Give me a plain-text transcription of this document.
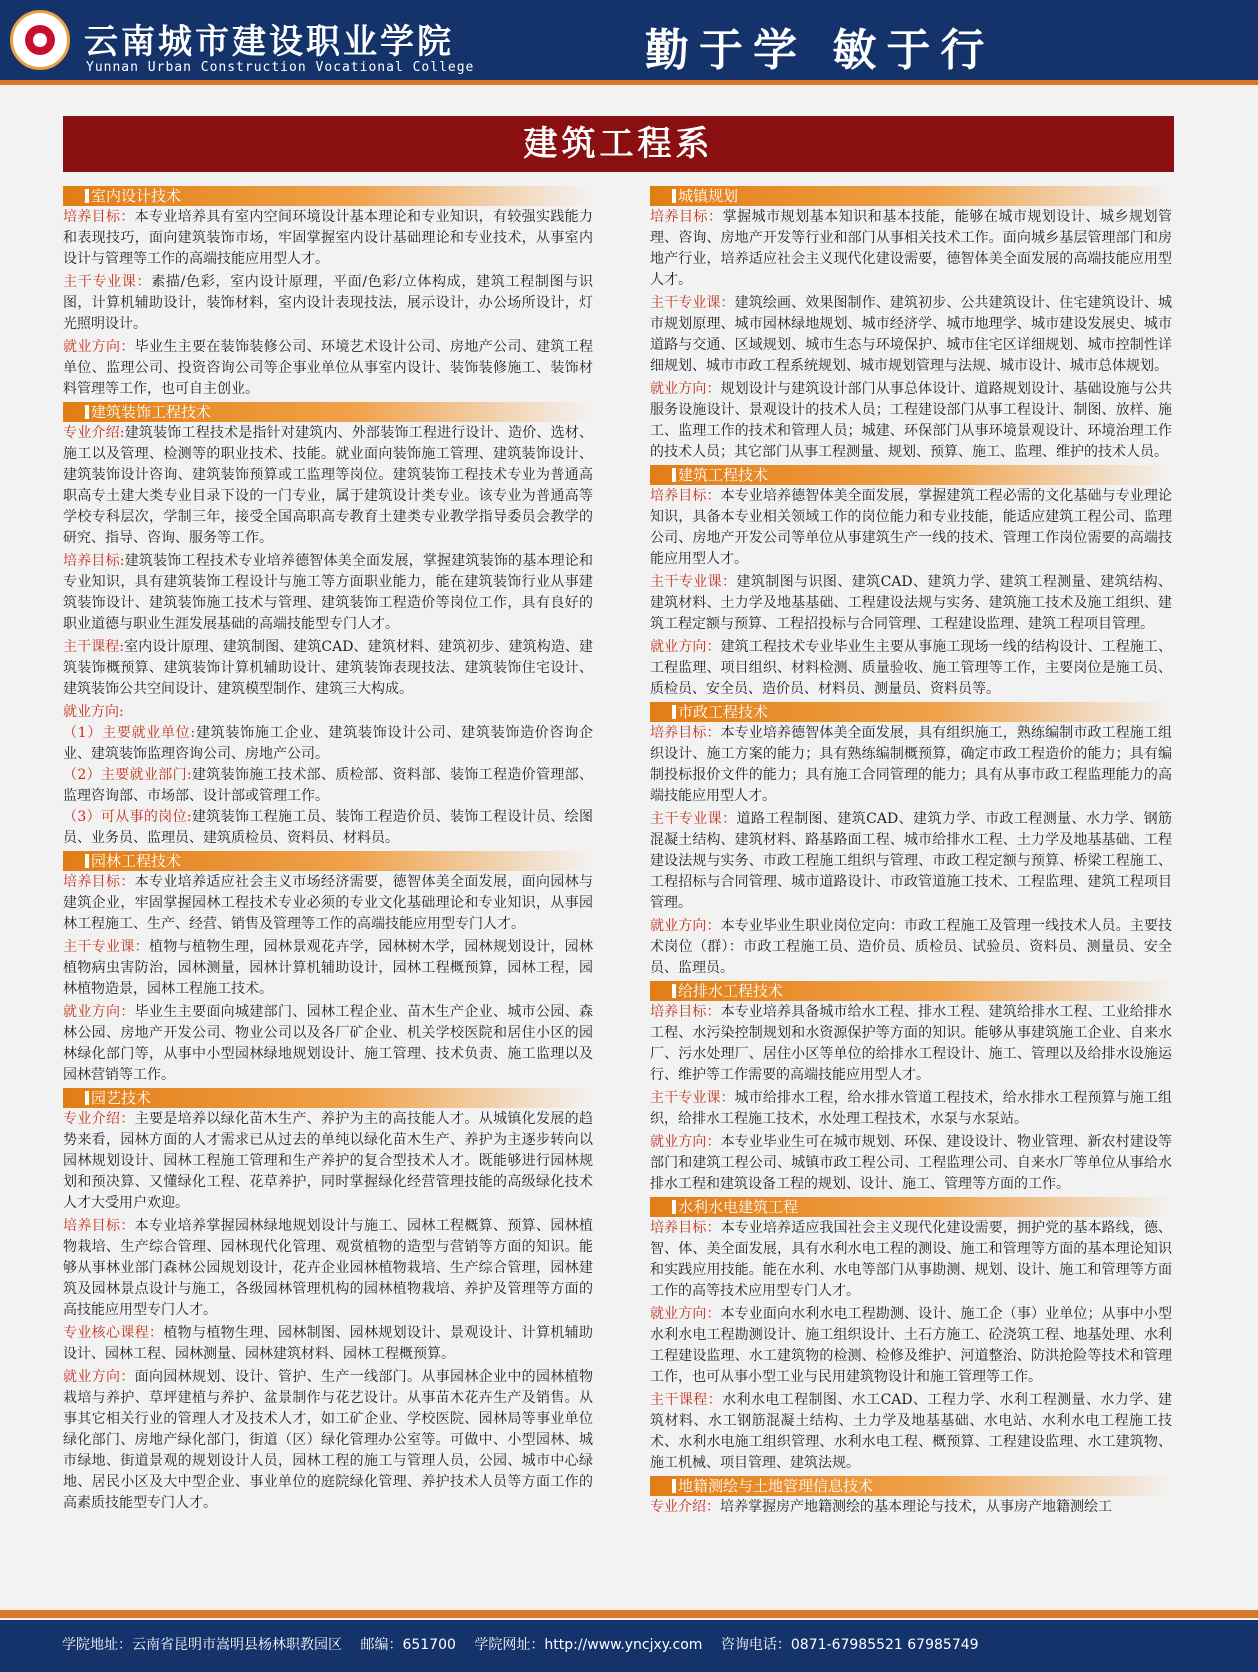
云南城市建设职业学院
Yunnan Urban Construction Vocational College	勤于学 敏于行
建筑工程系
室内设计技术

培养目标：本专业培养具有室内空间环境设计基本理论和专业知识，有较强实践能力和表现技巧，面向建筑装饰市场，牢固掌握室内设计基础理论和专业技术，从事室内设计与管理等工作的高端技能应用型人才。

主干专业课：素描/色彩，室内设计原理，平面/色彩/立体构成，建筑工程制图与识图，计算机辅助设计，装饰材料，室内设计表现技法，展示设计，办公场所设计，灯光照明设计。

就业方向：毕业生主要在装饰装修公司、环境艺术设计公司、房地产公司、建筑工程单位、监理公司、投资咨询公司等企事业单位从事室内设计、装饰装修施工、装饰材料管理等工作，也可自主创业。

建筑装饰工程技术

专业介绍:建筑装饰工程技术是指针对建筑内、外部装饰工程进行设计、造价、选材、施工以及管理、检测等的职业技术、技能。就业面向装饰施工管理、建筑装饰设计、建筑装饰设计咨询、建筑装饰预算或工监理等岗位。建筑装饰工程技术专业为普通高职高专土建大类专业目录下设的一门专业，属于建筑设计类专业。该专业为普通高等学校专科层次，学制三年，接受全国高职高专教育土建类专业教学指导委员会教学的研究、指导、咨询、服务等工作。

培养目标:建筑装饰工程技术专业培养德智体美全面发展，掌握建筑装饰的基本理论和专业知识，具有建筑装饰工程设计与施工等方面职业能力，能在建筑装饰行业从事建筑装饰设计、建筑装饰施工技术与管理、建筑装饰工程造价等岗位工作，具有良好的职业道德与职业生涯发展基础的高端技能型专门人才。

主干课程:室内设计原理、建筑制图、建筑CAD、建筑材料、建筑初步、建筑构造、建筑装饰概预算、建筑装饰计算机辅助设计、建筑装饰表现技法、建筑装饰住宅设计、建筑装饰公共空间设计、建筑模型制作、建筑三大构成。

就业方向:

（1）主要就业单位:建筑装饰施工企业、建筑装饰设计公司、建筑装饰造价咨询企业、建筑装饰监理咨询公司、房地产公司。

（2）主要就业部门:建筑装饰施工技术部、质检部、资料部、装饰工程造价管理部、监理咨询部、市场部、设计部或管理工作。

（3）可从事的岗位:建筑装饰工程施工员、装饰工程造价员、装饰工程设计员、绘图员、业务员、监理员、建筑质检员、资料员、材料员。

园林工程技术

培养目标：本专业培养适应社会主义市场经济需要，德智体美全面发展，面向园林与建筑企业，牢固掌握园林工程技术专业必须的专业文化基础理论和专业知识，从事园林工程施工、生产、经营、销售及管理等工作的高端技能应用型专门人才。

主干专业课：植物与植物生理，园林景观花卉学，园林树木学，园林规划设计，园林植物病虫害防治，园林测量，园林计算机辅助设计，园林工程概预算，园林工程，园林植物造景，园林工程施工技术。

就业方向：毕业生主要面向城建部门、园林工程企业、苗木生产企业、城市公园、森林公园、房地产开发公司、物业公司以及各厂矿企业、机关学校医院和居住小区的园林绿化部门等，从事中小型园林绿地规划设计、施工管理、技术负责、施工监理以及园林营销等工作。

园艺技术

专业介绍：主要是培养以绿化苗木生产、养护为主的高技能人才。从城镇化发展的趋势来看，园林方面的人才需求已从过去的单纯以绿化苗木生产、养护为主逐步转向以园林规划设计、园林工程施工管理和生产养护的复合型技术人才。既能够进行园林规划和预决算、又懂绿化工程、花草养护，同时掌握绿化经营管理技能的高级绿化技术人才大受用户欢迎。

培养目标：本专业培养掌握园林绿地规划设计与施工、园林工程概算、预算、园林植物栽培、生产综合管理、园林现代化管理、观赏植物的造型与营销等方面的知识。能够从事林业部门森林公园规划设计，花卉企业园林植物栽培、生产综合管理，园林建筑及园林景点设计与施工，各级园林管理机构的园林植物栽培、养护及管理等方面的高技能应用型专门人才。

专业核心课程：植物与植物生理、园林制图、园林规划设计、景观设计、计算机辅助设计、园林工程、园林测量、园林建筑材料、园林工程概预算。

就业方向：面向园林规划、设计、管护、生产一线部门。从事园林企业中的园林植物栽培与养护、草坪建植与养护、盆景制作与花艺设计。从事苗木花卉生产及销售。从事其它相关行业的管理人才及技术人才，如工矿企业、学校医院、园林局等事业单位绿化部门、房地产绿化部门，街道（区）绿化管理办公室等。可做中、小型园林、城市绿地、街道景观的规划设计人员，园林工程的施工与管理人员，公园、城市中心绿地、居民小区及大中型企业、事业单位的庭院绿化管理、养护技术人员等方面工作的高素质技能型专门人才。

城镇规划

培养目标：掌握城市规划基本知识和基本技能，能够在城市规划设计、城乡规划管理、咨询、房地产开发等行业和部门从事相关技术工作。面向城乡基层管理部门和房地产行业，培养适应社会主义现代化建设需要，德智体美全面发展的高端技能应用型人才。

主干专业课：建筑绘画、效果图制作、建筑初步、公共建筑设计、住宅建筑设计、城市规划原理、城市园林绿地规划、城市经济学、城市地理学、城市建设发展史、城市道路与交通、区域规划、城市生态与环境保护、城市住宅区详细规划、城市控制性详细规划、城市市政工程系统规划、城市规划管理与法规、城市设计、城市总体规划。

就业方向：规划设计与建筑设计部门从事总体设计、道路规划设计、基础设施与公共服务设施设计、景观设计的技术人员；工程建设部门从事工程设计、制图、放样、施工、监理工作的技术和管理人员；城建、环保部门从事环境景观设计、环境治理工作的技术人员；其它部门从事工程测量、规划、预算、施工、监理、维护的技术人员。

建筑工程技术

培养目标：本专业培养德智体美全面发展，掌握建筑工程必需的文化基础与专业理论知识，具备本专业相关领域工作的岗位能力和专业技能，能适应建筑工程公司、监理公司、房地产开发公司等单位从事建筑生产一线的技术、管理工作岗位需要的高端技能应用型人才。

主干专业课：建筑制图与识图、建筑CAD、建筑力学、建筑工程测量、建筑结构、建筑材料、土力学及地基基础、工程建设法规与实务、建筑施工技术及施工组织、建筑工程定额与预算、工程招投标与合同管理、工程建设监理、建筑工程项目管理。

就业方向：建筑工程技术专业毕业生主要从事施工现场一线的结构设计、工程施工、工程监理、项目组织、材料检测、质量验收、施工管理等工作，主要岗位是施工员、质检员、安全员、造价员、材料员、测量员、资料员等。

市政工程技术

培养目标：本专业培养德智体美全面发展，具有组织施工，熟练编制市政工程施工组织设计、施工方案的能力；具有熟练编制概预算，确定市政工程造价的能力；具有编制投标报价文件的能力；具有施工合同管理的能力；具有从事市政工程监理能力的高端技能应用型人才。

主干专业课：道路工程制图、建筑CAD、建筑力学、市政工程测量、水力学、钢筋混凝土结构、建筑材料、路基路面工程、城市给排水工程、土力学及地基基础、工程建设法规与实务、市政工程施工组织与管理、市政工程定额与预算、桥梁工程施工、工程招标与合同管理、城市道路设计、市政管道施工技术、工程监理、建筑工程项目管理。

就业方向：本专业毕业生职业岗位定向：市政工程施工及管理一线技术人员。主要技术岗位（群）：市政工程施工员、造价员、质检员、试验员、资料员、测量员、安全员、监理员。

给排水工程技术

培养目标：本专业培养具备城市给水工程、排水工程、建筑给排水工程、工业给排水工程、水污染控制规划和水资源保护等方面的知识。能够从事建筑施工企业、自来水厂、污水处理厂、居住小区等单位的给排水工程设计、施工、管理以及给排水设施运行、维护等工作需要的高端技能应用型人才。

主干专业课：城市给排水工程，给水排水管道工程技术，给水排水工程预算与施工组织，给排水工程施工技术，水处理工程技术，水泵与水泵站。

就业方向：本专业毕业生可在城市规划、环保、建设设计、物业管理、新农村建设等部门和建筑工程公司、城镇市政工程公司、工程监理公司、自来水厂等单位从事给水排水工程和建筑设备工程的规划、设计、施工、管理等方面的工作。

水利水电建筑工程

培养目标：本专业培养适应我国社会主义现代化建设需要，拥护党的基本路线，德、智、体、美全面发展，具有水利水电工程的测设、施工和管理等方面的基本理论知识和实践应用技能。能在水利、水电等部门从事勘测、规划、设计、施工和管理等方面工作的高等技术应用型专门人才。

就业方向：本专业面向水利水电工程勘测、设计、施工企（事）业单位；从事中小型水利水电工程勘测设计、施工组织设计、土石方施工、砼浇筑工程、地基处理、水利工程建设监理、水工建筑物的检测、检修及维护、河道整治、防洪抢险等技术和管理工作，也可从事小型工业与民用建筑物设计和施工管理等工作。

主干课程：水利水电工程制图、水工CAD、工程力学、水利工程测量、水力学、建筑材料、水工钢筋混凝土结构、土力学及地基基础、水电站、水利水电工程施工技术、水利水电施工组织管理、水利水电工程、概预算、工程建设监理、水工建筑物、施工机械、项目管理、建筑法规。

地籍测绘与土地管理信息技术

专业介绍：培养掌握房产地籍测绘的基本理论与技术，从事房产地籍测绘工

学院地址：云南省昆明市嵩明县杨林职教园区 邮编：651700 学院网址：http://www.yncjxy.com 咨询电话：0871-67985521 67985749
